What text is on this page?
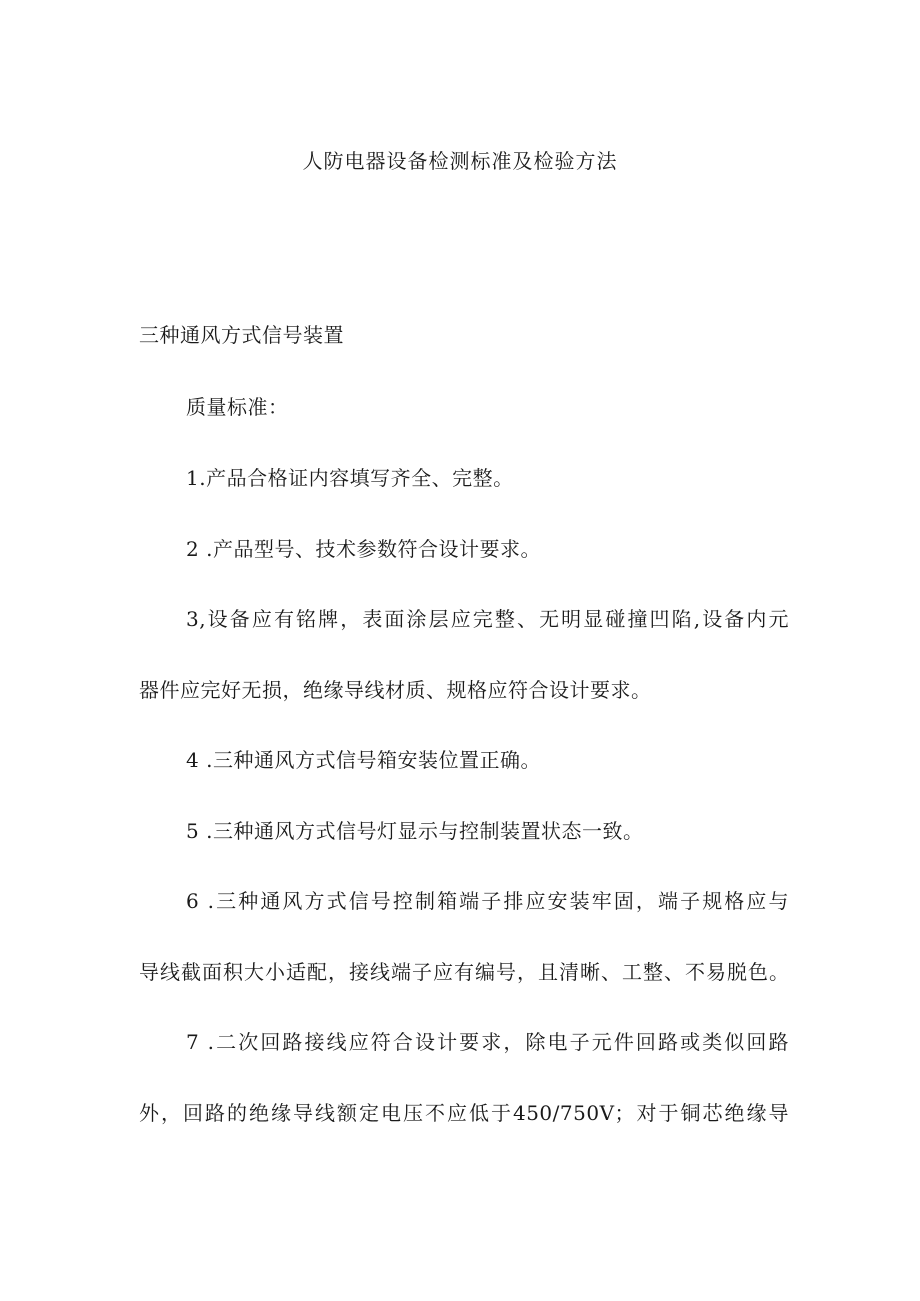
人防电器设备检测标准及检验方法
三种通风方式信号装置
质量标准：
1.产品合格证内容填写齐全、完整。
2 .产品型号、技术参数符合设计要求。
3,设备应有铭牌，表面涂层应完整、无明显碰撞凹陷,设备内元
器件应完好无损，绝缘导线材质、规格应符合设计要求。
4 .三种通风方式信号箱安装位置正确。
5 .三种通风方式信号灯显示与控制装置状态一致。
6 .三种通风方式信号控制箱端子排应安装牢固，端子规格应与
导线截面积大小适配，接线端子应有编号，且清晰、工整、不易脱色。
7 .二次回路接线应符合设计要求，除电子元件回路或类似回路
外，回路的绝缘导线额定电压不应低于450/750V；对于铜芯绝缘导
